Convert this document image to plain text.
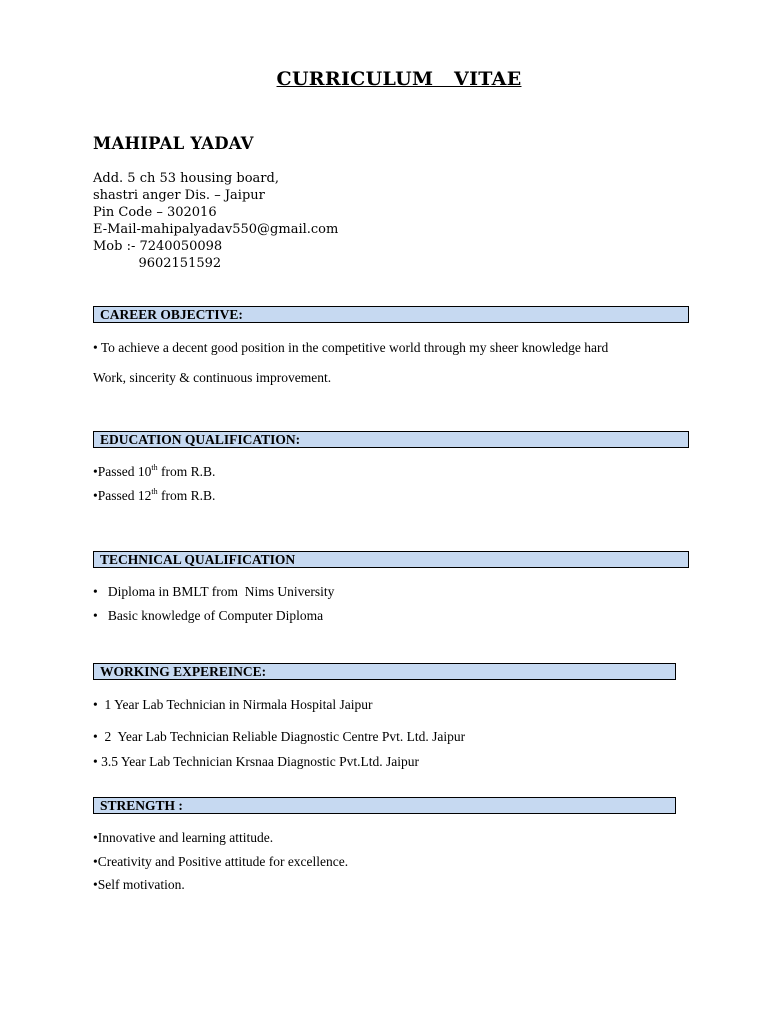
CURRICULUM   VITAE
MAHIPAL YADAV
Add. 5 ch 53 housing board,
shastri anger Dis. – Jaipur
Pin Code – 302016
E-Mail-mahipalyadav550@gmail.com
Mob :- 7240050098
9602151592
CAREER OBJECTIVE:
• To achieve a decent good position in the competitive world through my sheer knowledge hard
Work, sincerity & continuous improvement.
EDUCATION QUALIFICATION:
•Passed 10th from R.B.
•Passed 12th from R.B.
TECHNICAL QUALIFICATION
•   Diploma in BMLT from  Nims University
•   Basic knowledge of Computer Diploma
WORKING EXPEREINCE:
•  1 Year Lab Technician in Nirmala Hospital Jaipur
•  2  Year Lab Technician Reliable Diagnostic Centre Pvt. Ltd. Jaipur
• 3.5 Year Lab Technician Krsnaa Diagnostic Pvt.Ltd. Jaipur
STRENGTH :
•Innovative and learning attitude.
•Creativity and Positive attitude for excellence.
•Self motivation.
